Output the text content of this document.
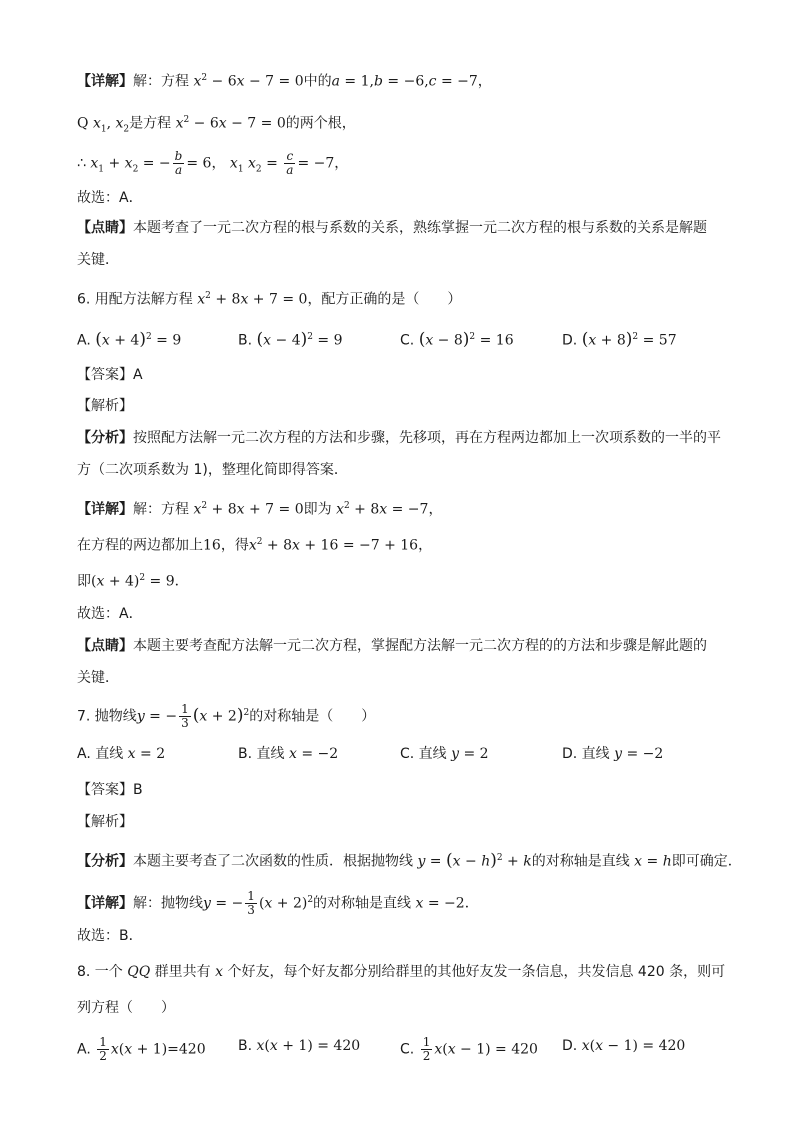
【详解】解：方程 $x^2 - 6x - 7 = 0$中的a = 1,b = −6,c = −7，
Q $x_1$, $x_2$是方程 $x^2 - 6x - 7 = 0$的两个根，
∴ $x_1 + x_2$ = − $\frac{b}{a} = 6$， $x_1$ $x_2 = \frac{c}{a} = -7$，
故选：A．
【点睛】本题考查了一元二次方程的根与系数的关系，熟练掌握一元二次方程的根与系数的关系是解题
关键．
6. 用配方法解方程 $x^2 + 8x + 7 = 0$，配方正确的是（　　）
A. $(x + 4)^2 = 9$	B. $(x - 4)^2 = 9$	C. $(x - 8)^2 = 16$	D. $(x + 8)^2 = 57$
【答案】A
【解析】
【分析】按照配方法解一元二次方程的方法和步骤，先移项，再在方程两边都加上一次项系数的一半的平
方（二次项系数为 1)，整理化简即得答案．
【详解】解：方程 $x^2 + 8x + 7 = 0$即为 $x^2 + 8x = -7$，
在方程的两边都加上16，得$x^2 + 8x + 16 = -7 + 16$，
即$(x + 4)^2 = 9$．
故选：A．
【点睛】本题主要考查配方法解一元二次方程，掌握配方法解一元二次方程的的方法和步骤是解此题的
关键．
7. 抛物线y = − $\frac{1}{3} (x + 2)^2$的对称轴是（　　）
A. 直线 x = 2	B. 直线 x = −2	C. 直线 y = 2	D. 直线 y = −2
【答案】B
【解析】
【分析】本题主要考查了二次函数的性质．根据抛物线 $y = (x - h)^2 + k$的对称轴是直线 x = h即可确定．
【详解】解：抛物线y = − $\frac{1}{3} (x + 2)^2$的对称轴是直线 x = −2．
故选：B．
8. 一个 QQ 群里共有 x 个好友，每个好友都分别给群里的其他好友发一条信息，共发信息 420 条，则可
列方程（　　）
A. $\frac{1}{2} x(x + 1)=420$ B. x(x + 1) = 420	C. $\frac{1}{2} x(x - 1) = 420$ D. x(x − 1) = 420
